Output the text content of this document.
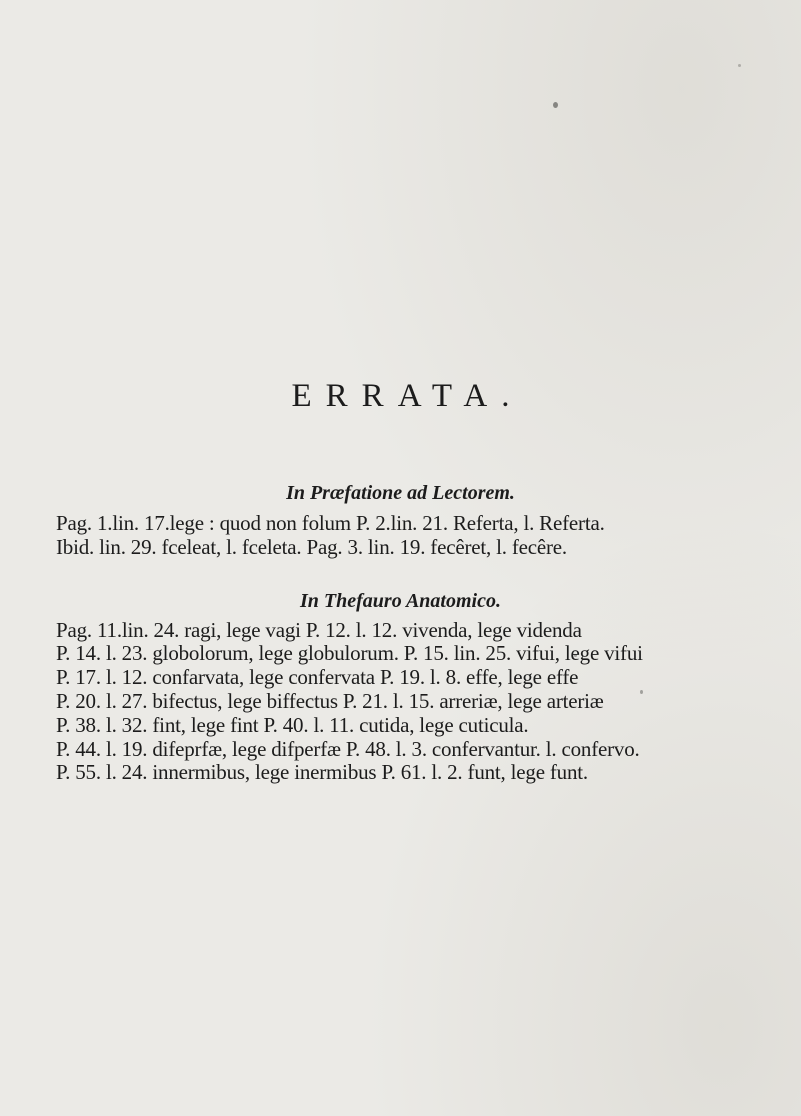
ERRATA.
In Præfatione ad Lectorem.

Pag. 1.lin. 17.lege : quod non folum P. 2.lin. 21. Referta, l. Referta.

Ibid. lin. 29. fceleat, l. fceleta. Pag. 3. lin. 19. fecêret, l. fecêre.

In Thefauro Anatomico.

Pag. 11.lin. 24. ragi, lege vagi P. 12. l. 12. vivenda, lege videnda

P. 14. l. 23. globolorum, lege globulorum. P. 15. lin. 25. vifui, lege vifui

P. 17. l. 12. confarvata, lege confervata P. 19. l. 8. effe, lege effe

P. 20. l. 27. bifectus, lege biffectus P. 21. l. 15. arreriæ, lege arteriæ

P. 38. l. 32. fint, lege fint P. 40. l. 11. cutida, lege cuticula.

P. 44. l. 19. difeprfæ, lege difperfæ P. 48. l. 3. confervantur. l. confervo.

P. 55. l. 24. innermibus, lege inermibus P. 61. l. 2. funt, lege funt.
